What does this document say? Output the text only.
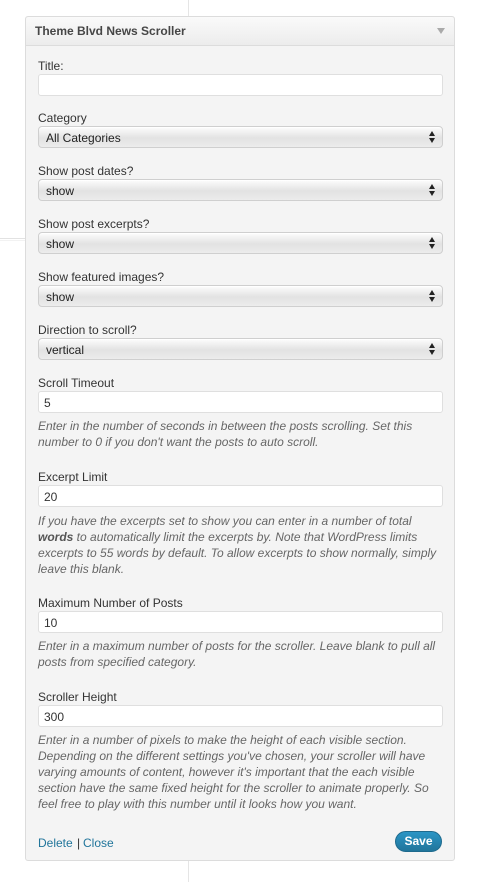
Theme Blvd News Scroller
Title:
Category
All Categories
Show post dates?
show
Show post excerpts?
show
Show featured images?
show
Direction to scroll?
vertical
Scroll Timeout
5
Enter in the number of seconds in between the posts scrolling. Set this number to 0 if you don't want the posts to auto scroll.
Excerpt Limit
20
If you have the excerpts set to show you can enter in a number of total words to automatically limit the excerpts by. Note that WordPress limits excerpts to 55 words by default. To allow excerpts to show normally, simply leave this blank.
Maximum Number of Posts
10
Enter in a maximum number of posts for the scroller. Leave blank to pull all posts from specified category.
Scroller Height
300
Enter in a number of pixels to make the height of each visible section. Depending on the different settings you've chosen, your scroller will have varying amounts of content, however it's important that the each visible section have the same fixed height for the scroller to animate properly. So feel free to play with this number until it looks how you want.
Delete | Close	Save
